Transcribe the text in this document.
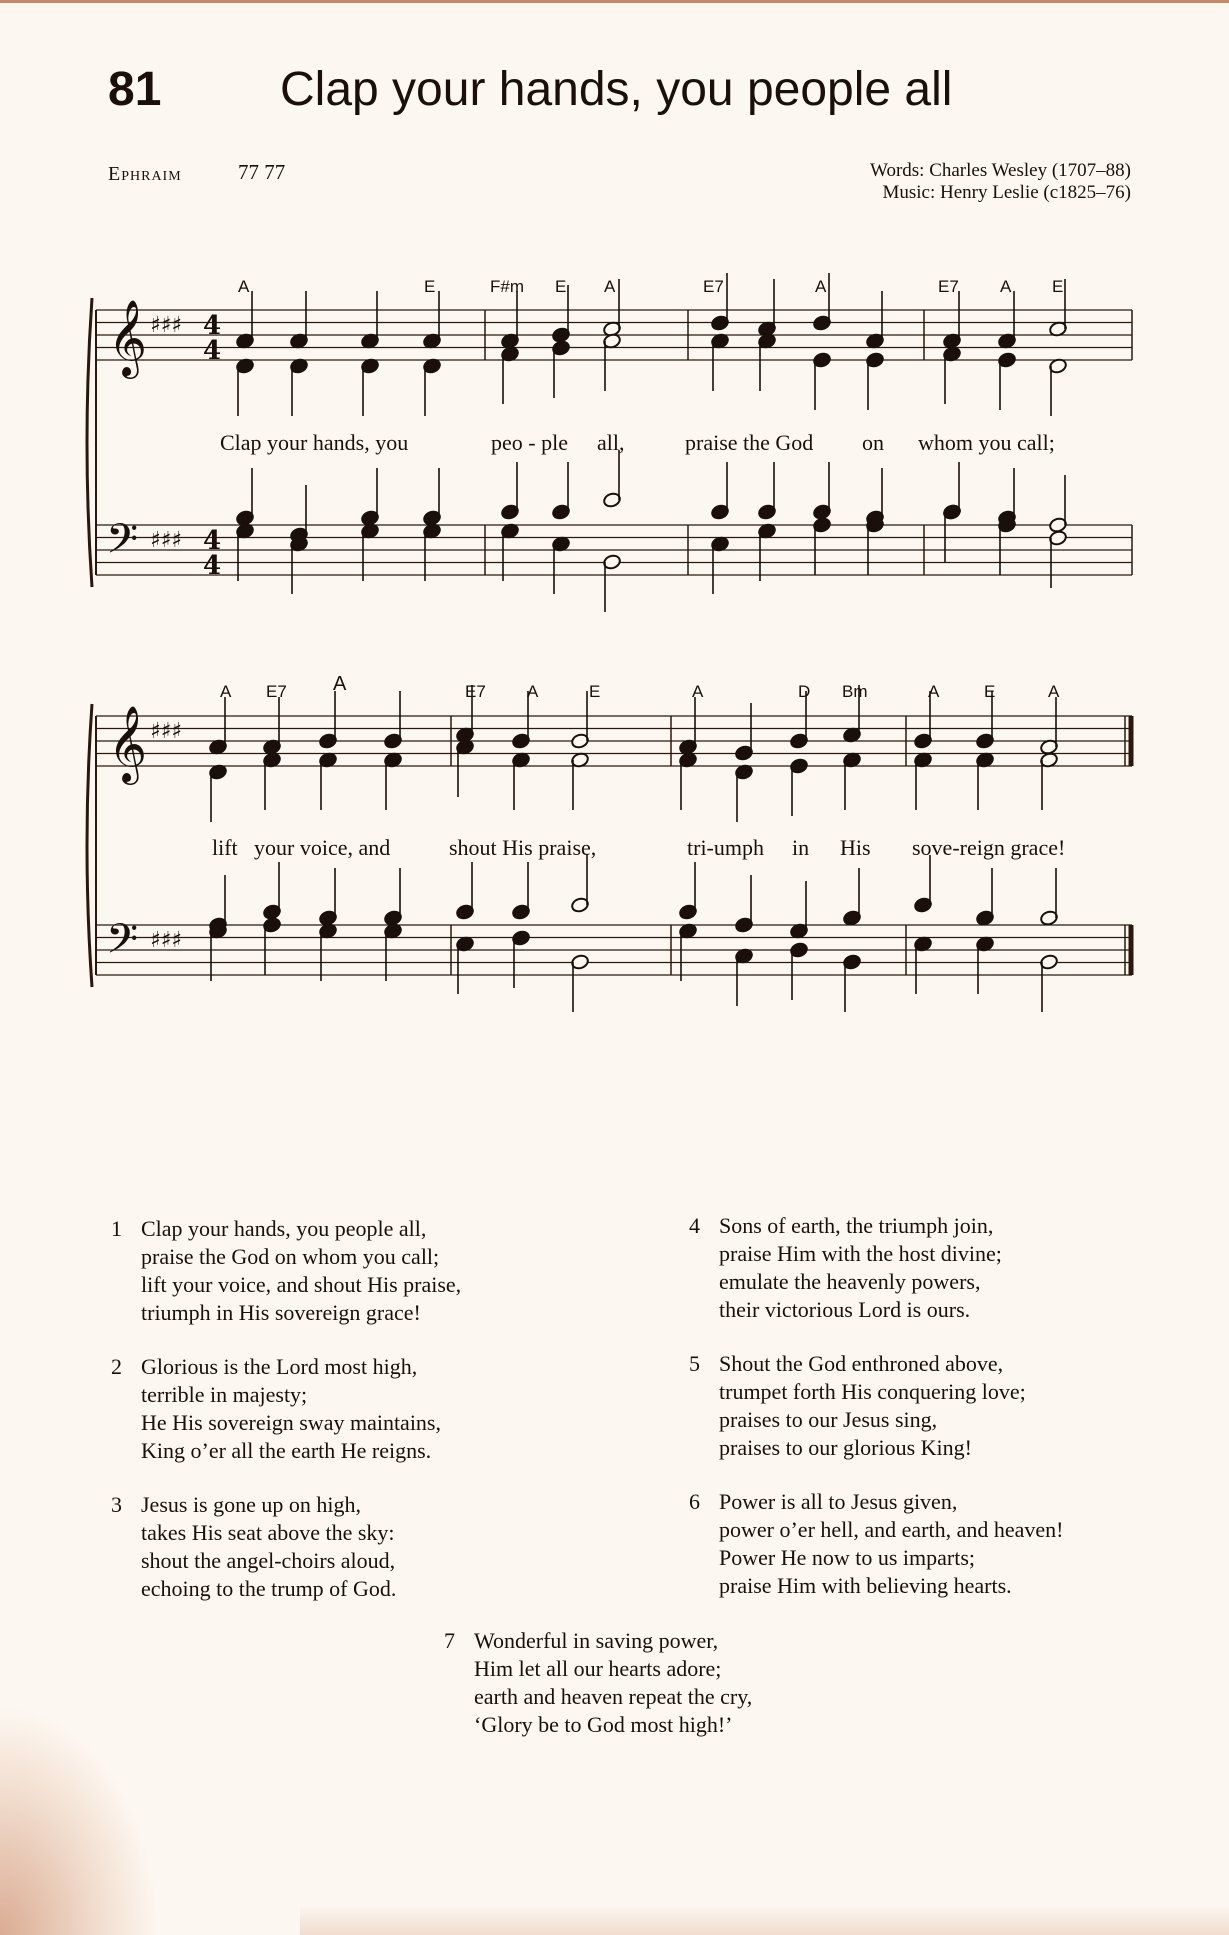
81 Clap your hands, you people all
Ephraim	77 77	Words: Charles Wesley (1707–88)
Music: Henry Leslie (c1825–76)
𝄞 ♯♯♯
𝄢 ♯♯♯
𝄞 ♯♯♯
𝄢 ♯♯♯
4
4
4
4
A	E	F#m E A	E7	A	E7 A E
Clap your hands, you	peo - ple all,	praise the God on whom you call;
A E7 A	E7 A	E	A	D Bm	A	E	A
lift your voice, and	shout His praise,	tri-umph in His sove-reign grace!
1 Clap your hands, you people all,
praise the God on whom you call;
lift your voice, and shout His praise,
triumph in His sovereign grace!
2 Glorious is the Lord most high,
terrible in majesty;
He His sovereign sway maintains,
King o’er all the earth He reigns.
3 Jesus is gone up on high,
takes His seat above the sky:
shout the angel-choirs aloud,
echoing to the trump of God.
4 Sons of earth, the triumph join,
praise Him with the host divine;
emulate the heavenly powers,
their victorious Lord is ours.
5 Shout the God enthroned above,
trumpet forth His conquering love;
praises to our Jesus sing,
praises to our glorious King!
6 Power is all to Jesus given,
power o’er hell, and earth, and heaven!
Power He now to us imparts;
praise Him with believing hearts.
7 Wonderful in saving power,
Him let all our hearts adore;
earth and heaven repeat the cry,
‘Glory be to God most high!’
